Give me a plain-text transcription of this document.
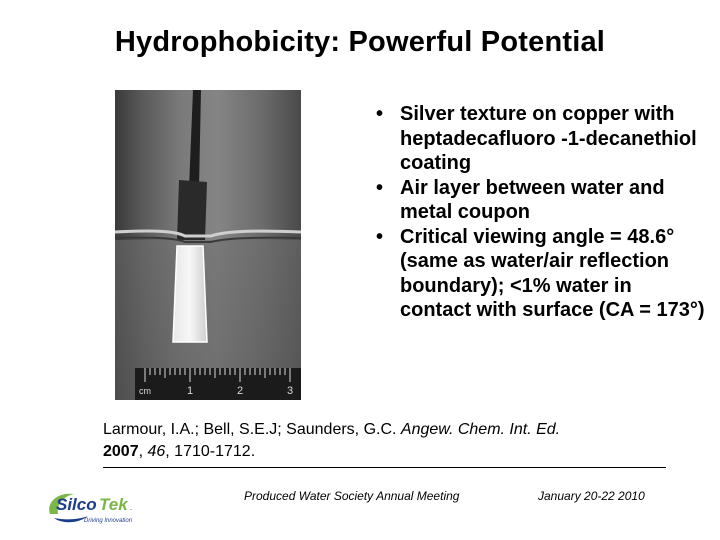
Hydrophobicity: Powerful Potential
cm	1	2	3
• Silver texture on copper with heptadecafluoro -1-decanethiol coating
• Air layer between water and metal coupon
• Critical viewing angle = 48.6° (same as water/air reflection boundary); <1% water in contact with surface (CA = 173°)
Larmour, I.A.; Bell, S.E.J; Saunders, G.C. Angew. Chem. Int. Ed.
2007, 46, 1710-1712.
Silco Tek .
Driving Innovation
Produced Water Society Annual Meeting	January 20-22 2010
